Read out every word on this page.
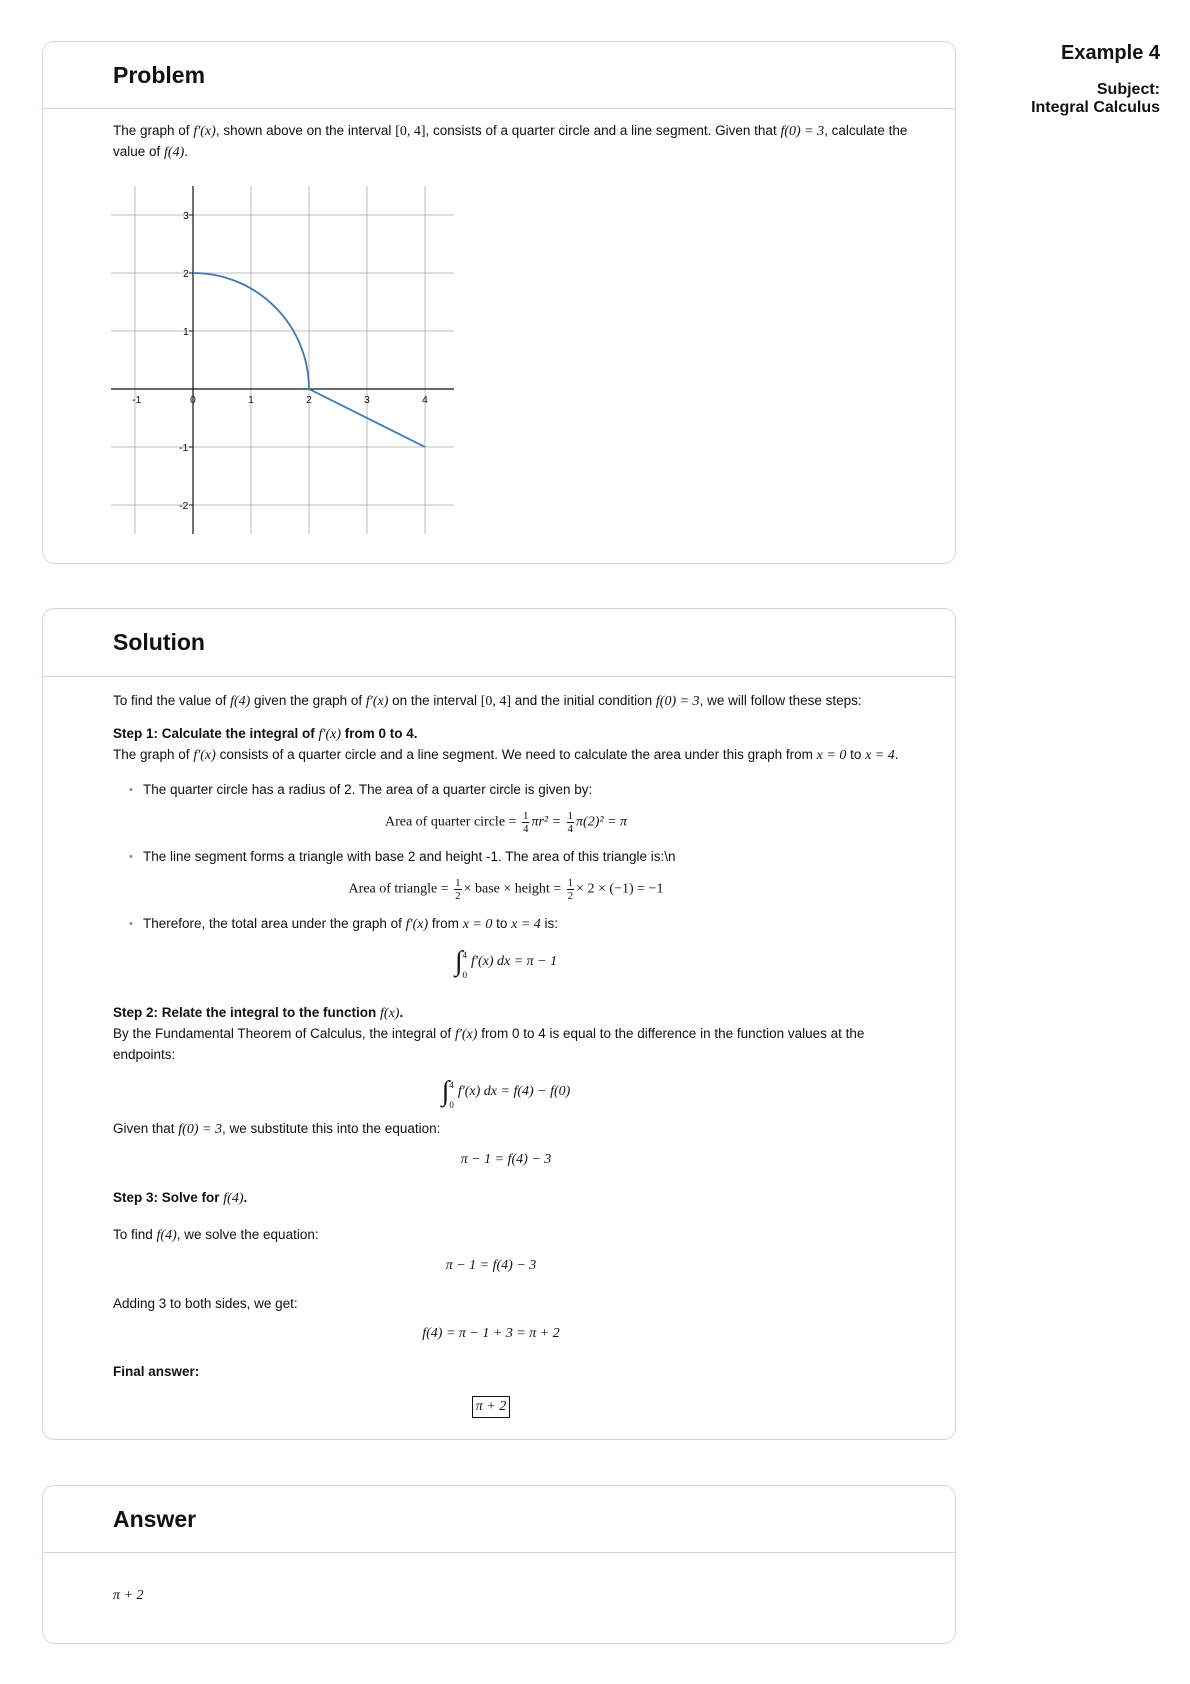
Example 4
Subject:
Integral Calculus
Problem

The graph of f′(x), shown above on the interval [0, 4], consists of a quarter circle and a line segment. Given that f(0) = 3, calculate the value of f(4).

-1	0	1	2	3	4
3
2
1
-1
-2
Solution

To find the value of f(4) given the graph of f′(x) on the interval [0, 4] and the initial condition f(0) = 3, we will follow these steps:

Step 1: Calculate the integral of f′(x) from 0 to 4.

The graph of f′(x) consists of a quarter circle and a line segment. We need to calculate the area under this graph from x = 0 to x = 4.

• The quarter circle has a radius of 2. The area of a quarter circle is given by:
Area of quarter circle = $\frac{1}{4} \pi r^2 = \frac{1}{4} \pi(2)^2 = \pi$
• The line segment forms a triangle with base 2 and height -1. The area of this triangle is:\n
Area of triangle = $\frac{1}{2}$ × base × height = $\frac{1}{2} \times 2 \times (-1) = -1$
• Therefore, the total area under the graph of f′(x) from x = 0 to x = 4 is:
∫ 4
0
f′(x) dx = π − 1

Step 2: Relate the integral to the function f(x).

By the Fundamental Theorem of Calculus, the integral of f′(x) from 0 to 4 is equal to the difference in the function values at the endpoints:

∫ 4
0
f′(x) dx = f(4) − f(0)

Given that f(0) = 3, we substitute this into the equation:

π − 1 = f(4) − 3

Step 3: Solve for f(4).

To find f(4), we solve the equation:

π − 1 = f(4) − 3

Adding 3 to both sides, we get:

f(4) = π − 1 + 3 = π + 2

Final answer:

π + 2
Answer
π + 2
